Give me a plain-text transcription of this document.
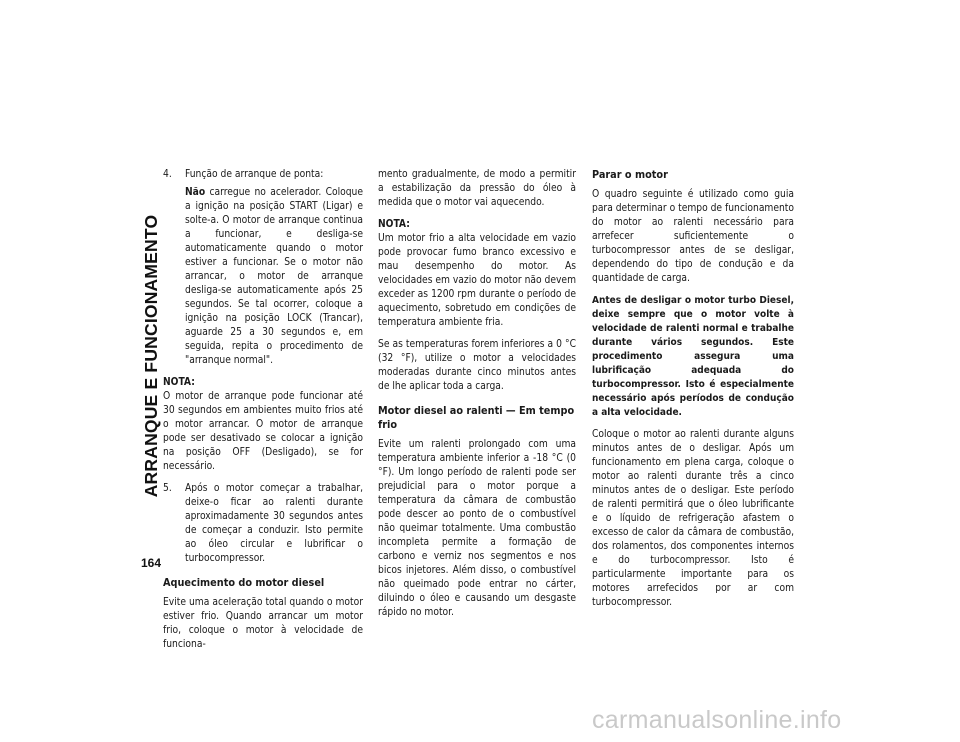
ARRANQUE E FUNCIONAMENTO
164
4.	Função de arranque de ponta:

Não carregue no acelerador. Coloque a ignição na posição START (Ligar) e solte-a. O motor de arranque continua a funcionar, e desliga-se automaticamente quando o motor estiver a funcionar. Se o motor não arrancar, o motor de arranque desliga-se automaticamente após 25 segundos. Se tal ocorrer, coloque a ignição na posição LOCK (Trancar), aguarde 25 a 30 segundos e, em seguida, repita o procedimento de "arranque normal".

NOTA:
O motor de arranque pode funcionar até 30 segundos em ambientes muito frios até o motor arrancar. O motor de arranque pode ser desativado se colocar a ignição na posição OFF (Desligado), se for necessário.

5.	Após o motor começar a trabalhar, deixe-o ficar ao ralenti durante aproximadamente 30 segundos antes de começar a conduzir. Isto permite ao óleo circular e lubrificar o turbocompressor.
Aquecimento do motor diesel

Evite uma aceleração total quando o motor estiver frio. Quando arrancar um motor frio, coloque o motor à velocidade de funciona-

mento gradualmente, de modo a permitir a estabilização da pressão do óleo à medida que o motor vai aquecendo.

NOTA:
Um motor frio a alta velocidade em vazio pode provocar fumo branco excessivo e mau desempenho do motor. As velocidades em vazio do motor não devem exceder as 1200 rpm durante o período de aquecimento, sobretudo em condições de temperatura ambiente fria.

Se as temperaturas forem inferiores a 0 °C (32 °F), utilize o motor a velocidades moderadas durante cinco minutos antes de lhe aplicar toda a carga.

Motor diesel ao ralenti — Em tempo frio

Evite um ralenti prolongado com uma temperatura ambiente inferior a -18 °C (0 °F). Um longo período de ralenti pode ser prejudicial para o motor porque a temperatura da câmara de combustão pode descer ao ponto de o combustível não queimar totalmente. Uma combustão incompleta permite a formação de carbono e verniz nos segmentos e nos bicos injetores. Além disso, o combustível não queimado pode entrar no cárter, diluindo o óleo e causando um desgaste rápido no motor.

Parar o motor

O quadro seguinte é utilizado como guia para determinar o tempo de funcionamento do motor ao ralenti necessário para arrefecer suficientemente o turbocompressor antes de se desligar, dependendo do tipo de condução e da quantidade de carga.

Antes de desligar o motor turbo Diesel, deixe sempre que o motor volte à velocidade de ralenti normal e trabalhe durante vários segundos. Este procedimento assegura uma lubrificação adequada do turbocompressor. Isto é especialmente necessário após períodos de condução a alta velocidade.

Coloque o motor ao ralenti durante alguns minutos antes de o desligar. Após um funcionamento em plena carga, coloque o motor ao ralenti durante três a cinco minutos antes de o desligar. Este período de ralenti permitirá que o óleo lubrificante e o líquido de refrigeração afastem o excesso de calor da câmara de combustão, dos rolamentos, dos componentes internos e do turbocompressor. Isto é particularmente importante para os motores arrefecidos por ar com turbocompressor.

carmanualsonline.info
